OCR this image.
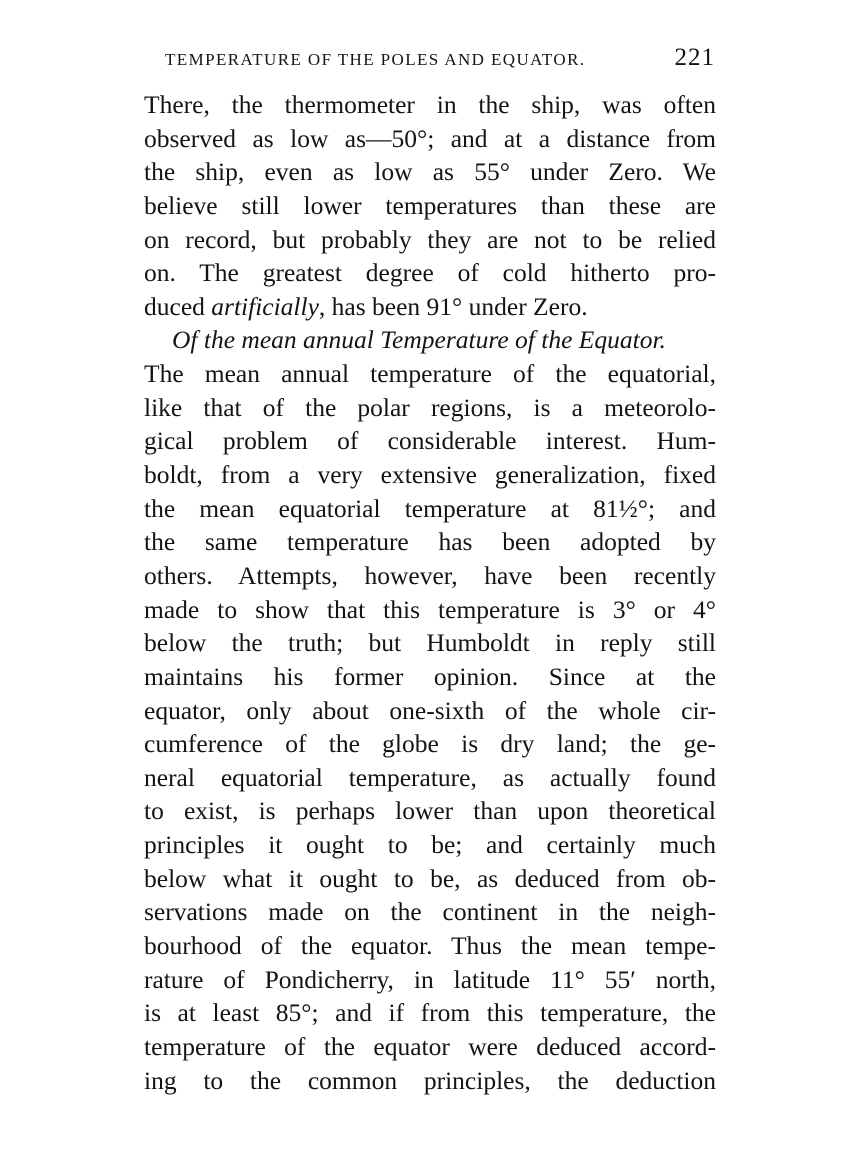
TEMPERATURE OF THE POLES AND EQUATOR.	221
There, the thermometer in the ship, was often
observed as low as—50°; and at a distance from
the ship, even as low as 55° under Zero. We
believe still lower temperatures than these are
on record, but probably they are not to be relied
on. The greatest degree of cold hitherto pro-
duced artificially, has been 91° under Zero.
Of the mean annual Temperature of the Equator.
The mean annual temperature of the equatorial,
like that of the polar regions, is a meteorolo-
gical problem of considerable interest. Hum-
boldt, from a very extensive generalization, fixed
the mean equatorial temperature at 81½°; and
the same temperature has been adopted by
others. Attempts, however, have been recently
made to show that this temperature is 3° or 4°
below the truth; but Humboldt in reply still
maintains his former opinion. Since at the
equator, only about one-sixth of the whole cir-
cumference of the globe is dry land; the ge-
neral equatorial temperature, as actually found
to exist, is perhaps lower than upon theoretical
principles it ought to be; and certainly much
below what it ought to be, as deduced from ob-
servations made on the continent in the neigh-
bourhood of the equator. Thus the mean tempe-
rature of Pondicherry, in latitude 11° 55′ north,
is at least 85°; and if from this temperature, the
temperature of the equator were deduced accord-
ing to the common principles, the deduction
